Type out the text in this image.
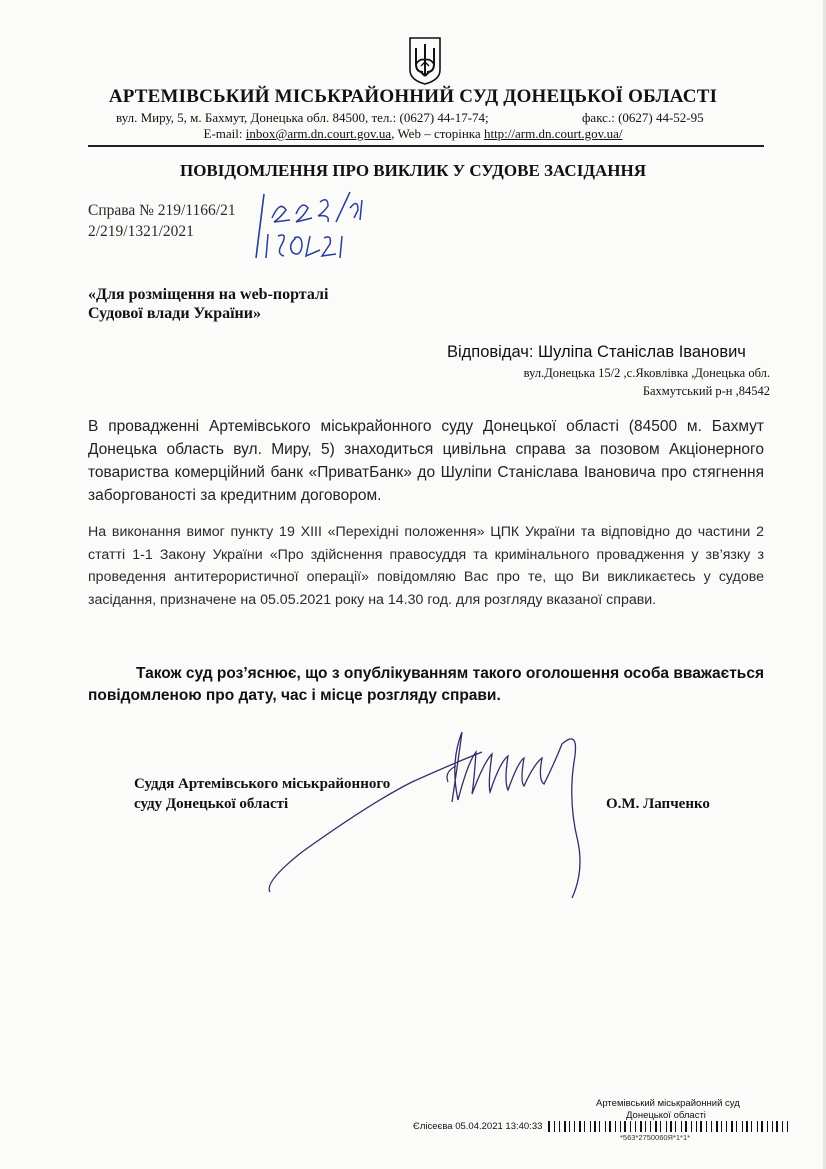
АРТЕМІВСЬКИЙ МІСЬКРАЙОННИЙ СУД ДОНЕЦЬКОЇ ОБЛАСТІ
вул. Миру, 5, м. Бахмут, Донецька обл. 84500, тел.: (0627) 44-17-74;	факс.: (0627) 44-52-95
E-mail: inbox@arm.dn.court.gov.ua, Web – сторінка http://arm.dn.court.gov.ua/
ПОВІДОМЛЕННЯ ПРО ВИКЛИК У СУДОВЕ ЗАСІДАННЯ
Справа № 219/1166/21
2/219/1321/2021
«Для розміщення на web-порталі
Судової влади України»
Відповідач: Шуліпа Станіслав Іванович
вул.Донецька 15/2 ,с.Яковлівка ,Донецька обл.
Бахмутський р-н ,84542
В провадженні Артемівського міськрайонного суду Донецької області (84500 м. Бахмут Донецька область вул. Миру, 5) знаходиться цивільна справа за позовом Акціонерного товариства комерційний банк «ПриватБанк» до Шуліпи Станіслава Івановича про стягнення заборгованості за кредитним договором.
На виконання вимог пункту 19 ХІІІ «Перехідні положення» ЦПК України та відповідно до частини 2 статті 1-1 Закону України «Про здійснення правосуддя та кримінального провадження у зв’язку з проведення антитерористичної операції» повідомляю Вас про те, що Ви викликаєтесь у судове засідання, призначене на 05.05.2021 року на 14.30 год. для розгляду вказаної справи.
Також суд роз’яснює, що з опублікуванням такого оголошення особа вважається повідомленою про дату, час і місце розгляду справи.
Суддя Артемівського міськрайонного
суду Донецької області	О.М. Лапченко
Артемівський міськрайонний суд
Донецької області
Єлісеєва 05.04.2021 13:40:33
*563*2750060Я*1*1*
